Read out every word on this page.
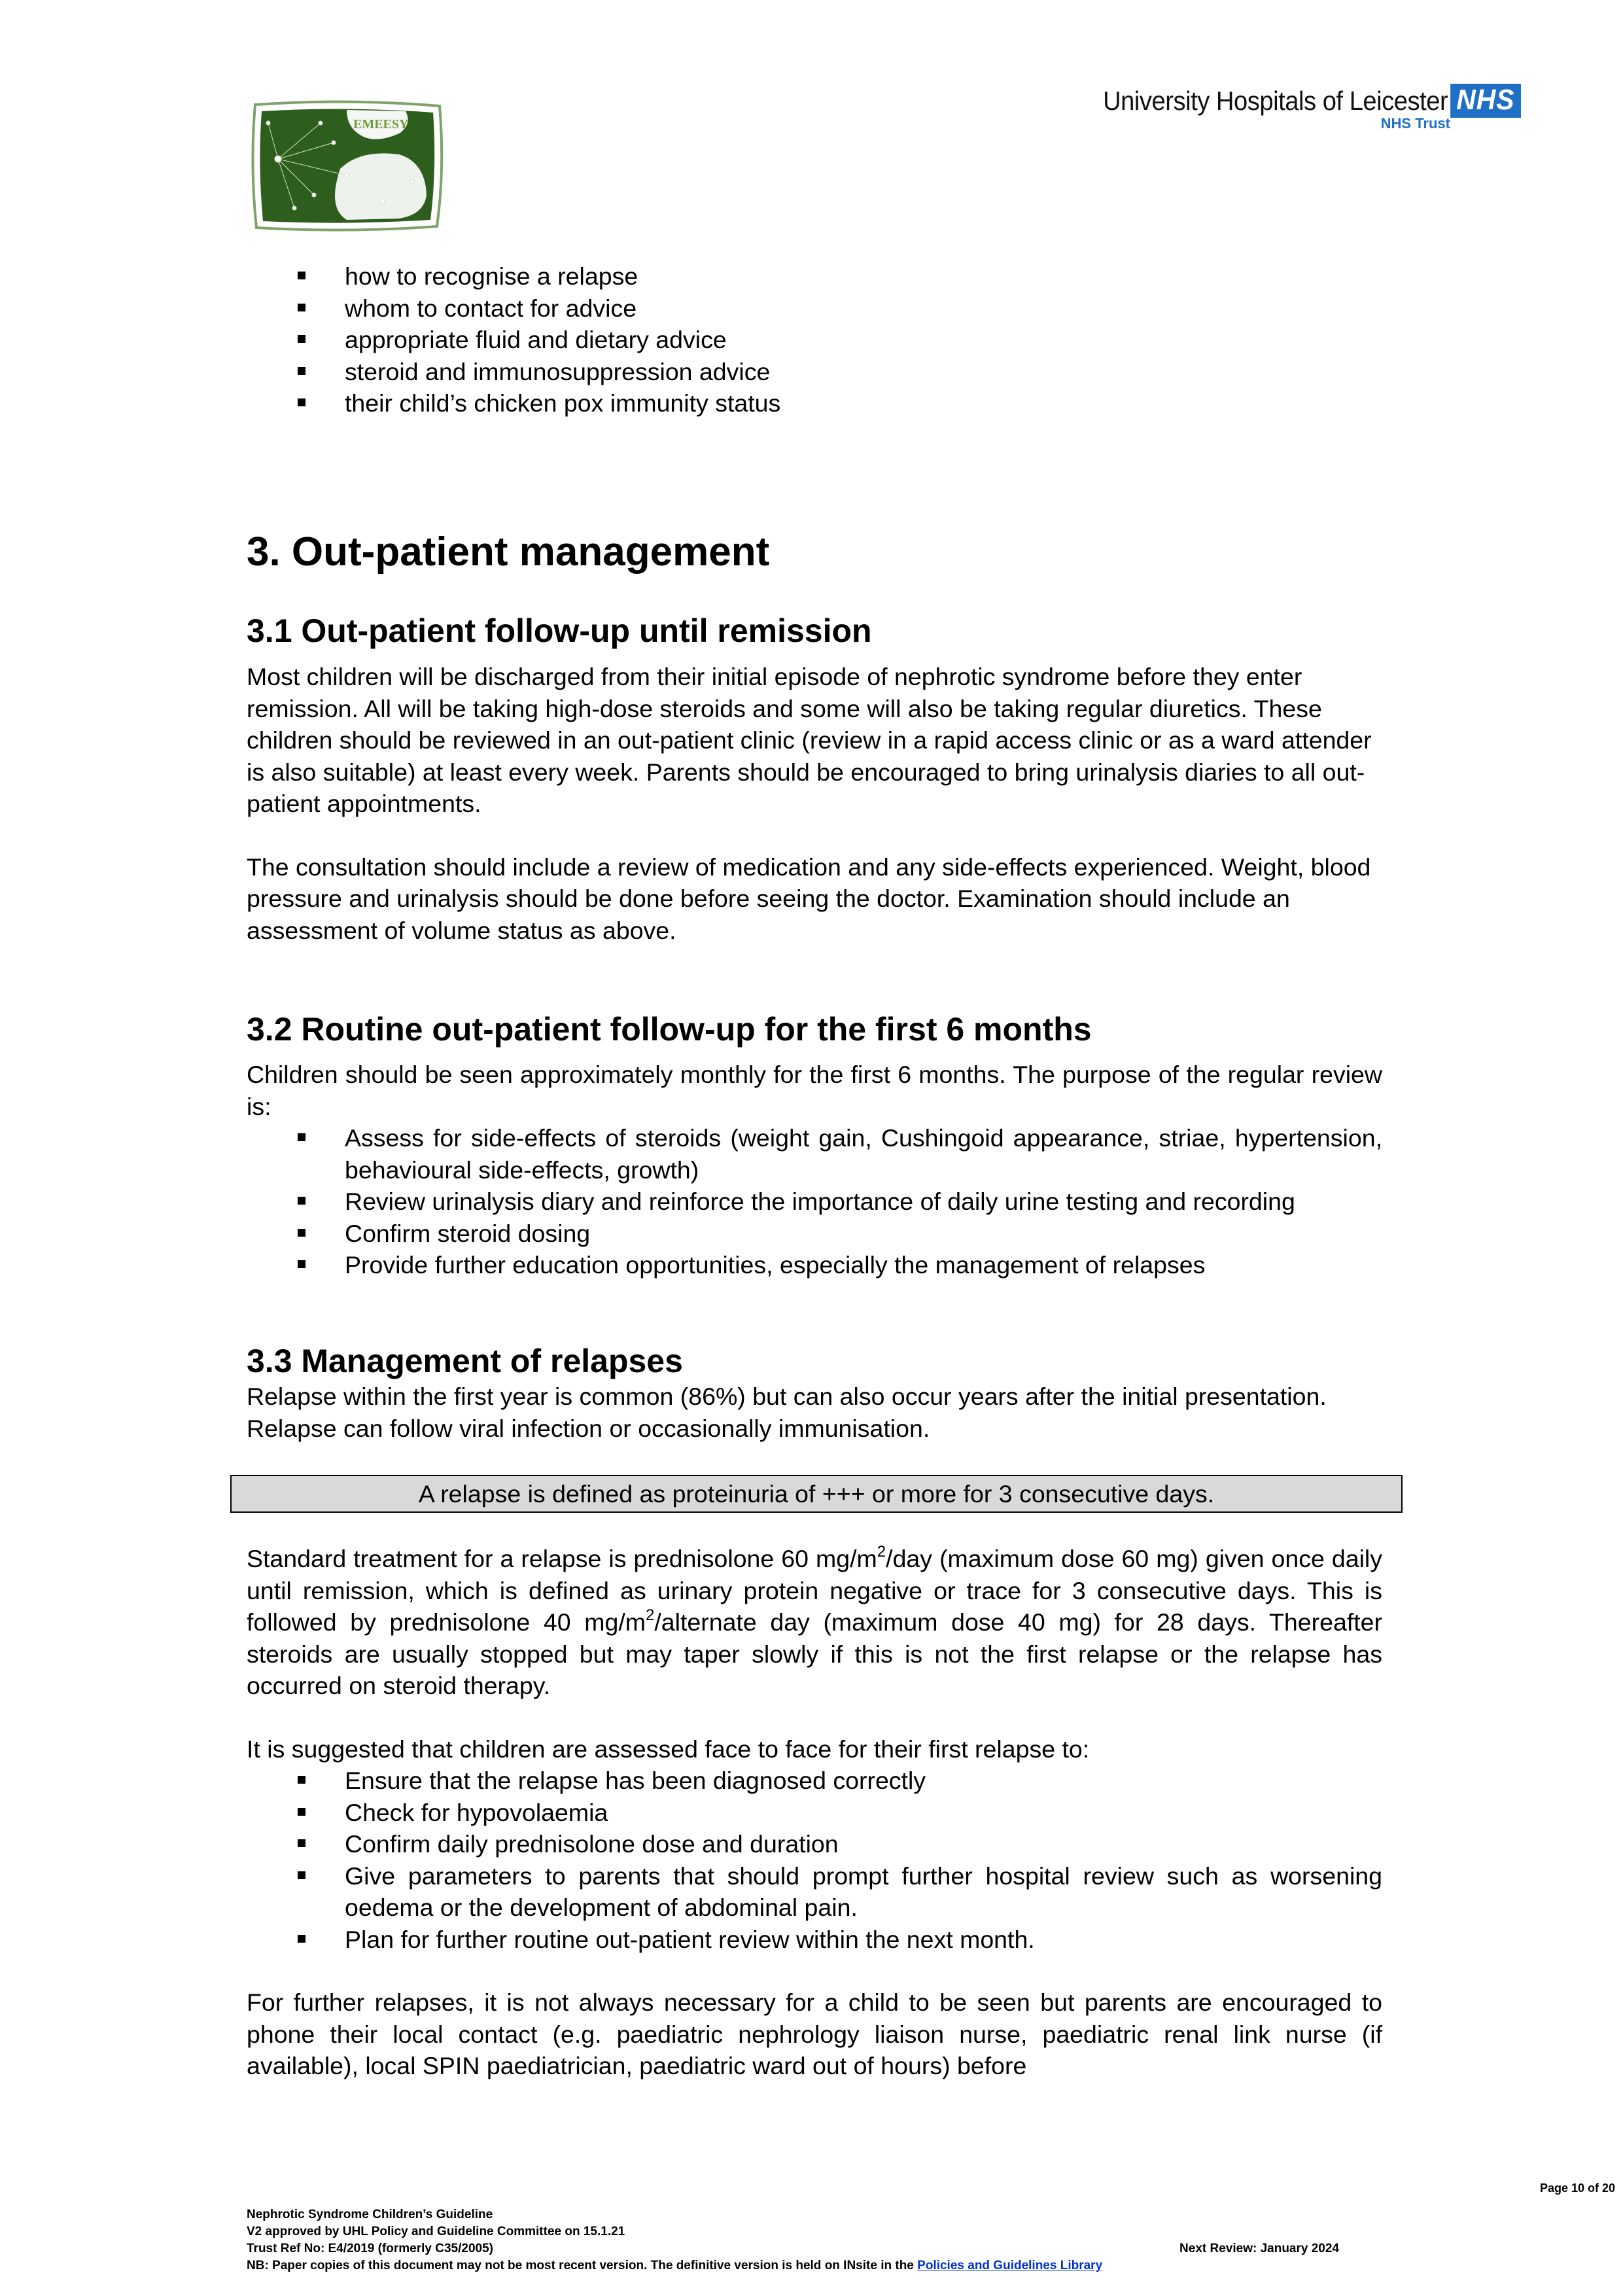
EMEESY
University Hospitals of Leicester NHS
NHS Trust
how to recognise a relapse
whom to contact for advice
appropriate fluid and dietary advice
steroid and immunosuppression advice
their child’s chicken pox immunity status
3. Out-patient management
3.1 Out-patient follow-up until remission

Most children will be discharged from their initial episode of nephrotic syndrome before they enter remission. All will be taking high-dose steroids and some will also be taking regular diuretics. These children should be reviewed in an out-patient clinic (review in a rapid access clinic or as a ward attender is also suitable) at least every week. Parents should be encouraged to bring urinalysis diaries to all out-patient appointments.

The consultation should include a review of medication and any side-effects experienced. Weight, blood pressure and urinalysis should be done before seeing the doctor. Examination should include an assessment of volume status as above.

3.2 Routine out-patient follow-up for the first 6 months

Children should be seen approximately monthly for the first 6 months. The purpose of the regular review is:

Assess for side-effects of steroids (weight gain, Cushingoid appearance, striae, hypertension, behavioural side-effects, growth)
Review urinalysis diary and reinforce the importance of daily urine testing and recording
Confirm steroid dosing
Provide further education opportunities, especially the management of relapses
3.3 Management of relapses

Relapse within the first year is common (86%) but can also occur years after the initial presentation. Relapse can follow viral infection or occasionally immunisation.

A relapse is defined as proteinuria of +++ or more for 3 consecutive days.

Standard treatment for a relapse is prednisolone 60 $mg/m^2$/day (maximum dose 60 mg) given once daily until remission, which is defined as urinary protein negative or trace for 3 consecutive days. This is followed by prednisolone 40 $mg/m^2$/alternate day (maximum dose 40 mg) for 28 days. Thereafter steroids are usually stopped but may taper slowly if this is not the first relapse or the relapse has occurred on steroid therapy.

It is suggested that children are assessed face to face for their first relapse to:

Ensure that the relapse has been diagnosed correctly
Check for hypovolaemia
Confirm daily prednisolone dose and duration
Give parameters to parents that should prompt further hospital review such as worsening oedema or the development of abdominal pain.
Plan for further routine out-patient review within the next month.

For further relapses, it is not always necessary for a child to be seen but parents are encouraged to phone their local contact (e.g. paediatric nephrology liaison nurse, paediatric renal link nurse (if available), local SPIN paediatrician, paediatric ward out of hours) before

Page 10 of 20
Nephrotic Syndrome Children’s Guideline
V2 approved by UHL Policy and Guideline Committee on 15.1.21
Trust Ref No: E4/2019 (formerly C35/2005)	Next Review: January 2024
NB: Paper copies of this document may not be most recent version. The definitive version is held on INsite in the Policies and Guidelines Library
